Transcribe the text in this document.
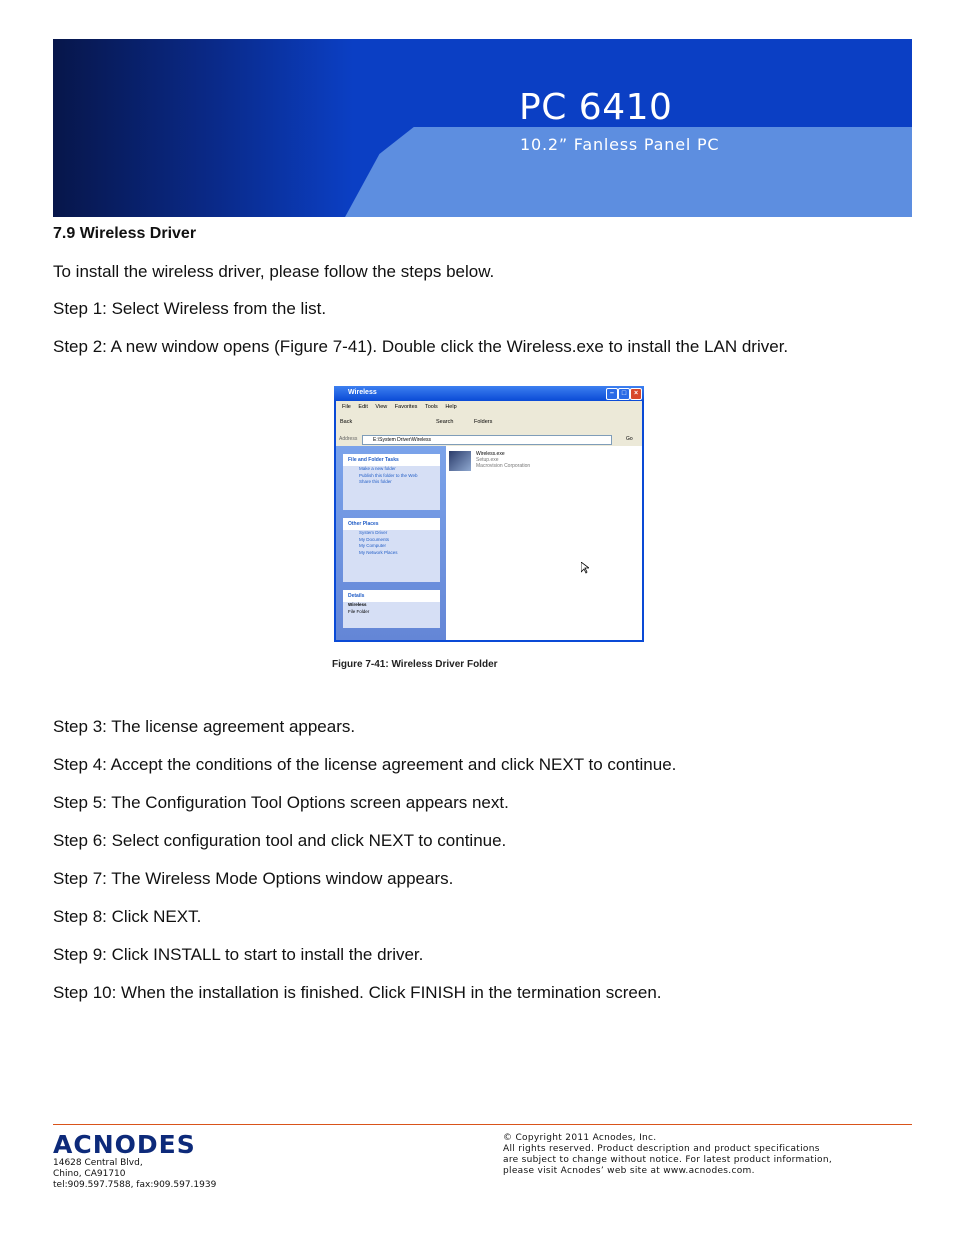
PC 6410
10.2” Fanless Panel PC
7.9 Wireless Driver
To install the wireless driver, please follow the steps below.
Step 1: Select Wireless from the list.
Step 2: A new window opens (Figure 7-41). Double click the Wireless.exe to install the LAN driver.
Wireless	–	□	×
File Edit View Favorites Tools Help
Back	Search	Folders
Address	E:\System Driver\Wireless	Go
File and Folder Tasks
Make a new folder
Publish this folder to the Web
Share this folder
Other Places
System Driver
My Documents
My Computer
My Network Places
Details
Wireless
File Folder
Wireless.exe
Setup.exe
Macrovision Corporation
Figure 7-41: Wireless Driver Folder
Step 3: The license agreement appears.
Step 4: Accept the conditions of the license agreement and click NEXT to continue.
Step 5: The Configuration Tool Options screen appears next.
Step 6: Select configuration tool and click NEXT to continue.
Step 7: The Wireless Mode Options window appears.
Step 8: Click NEXT.
Step 9: Click INSTALL to start to install the driver.
Step 10: When the installation is finished. Click FINISH in the termination screen.
ACNODES
14628 Central Blvd,
Chino, CA91710
tel:909.597.7588, fax:909.597.1939
© Copyright 2011 Acnodes, Inc.
All rights reserved. Product description and product specifications
are subject to change without notice. For latest product information,
please visit Acnodes’ web site at www.acnodes.com.
